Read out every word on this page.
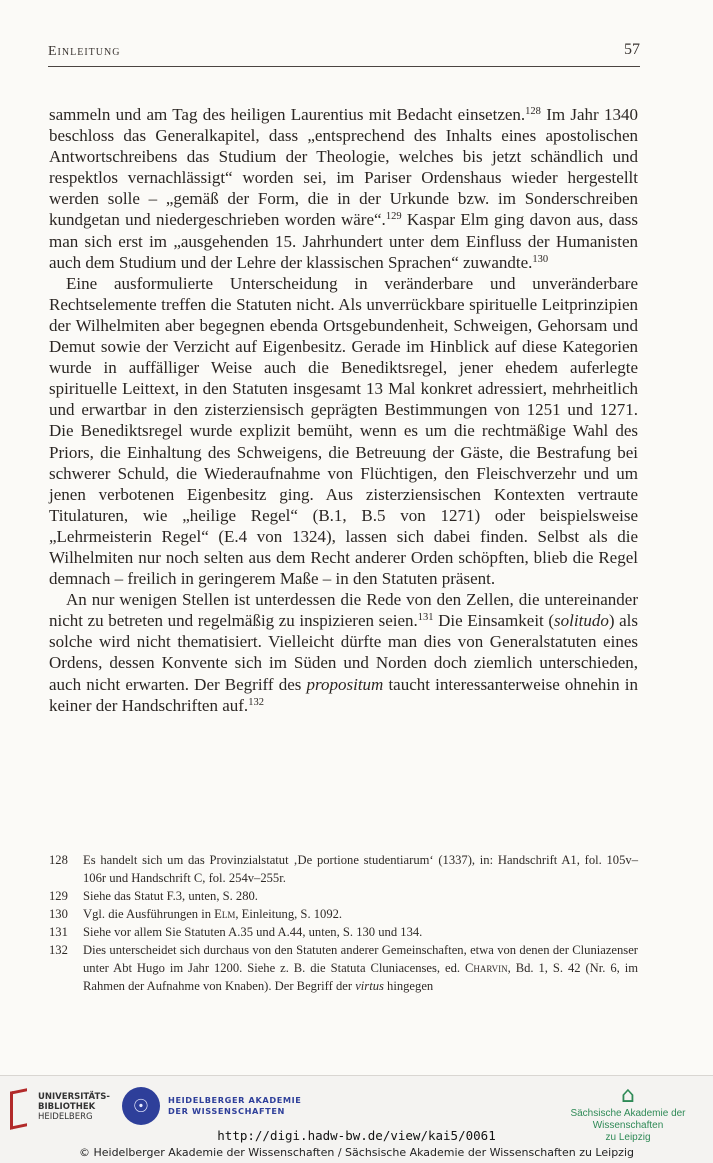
Einleitung	57

sammeln und am Tag des heiligen Laurentius mit Bedacht einsetzen.$^{128}$ Im Jahr 1340 beschloss das Generalkapitel, dass „entsprechend des Inhalts eines apostolischen Antwortschreibens das Studium der Theologie, welches bis jetzt schändlich und respektlos vernachlässigt“ worden sei, im Pariser Ordenshaus wieder hergestellt werden solle – „gemäß der Form, die in der Urkunde bzw. im Sonderschreiben kundgetan und niedergeschrieben worden wäre“.$^{129}$ Kaspar Elm ging davon aus, dass man sich erst im „ausgehenden 15. Jahrhundert unter dem Einfluss der Humanisten auch dem Studium und der Lehre der klassischen Sprachen“ zuwandte.$^{130}$

Eine ausformulierte Unterscheidung in veränderbare und unveränderbare Rechtselemente treffen die Statuten nicht. Als unverrückbare spirituelle Leitprinzipien der Wilhelmiten aber begegnen ebenda Ortsgebundenheit, Schweigen, Gehorsam und Demut sowie der Verzicht auf Eigenbesitz. Gerade im Hinblick auf diese Kategorien wurde in auffälliger Weise auch die Benediktsregel, jener ehedem auferlegte spirituelle Leittext, in den Statuten insgesamt 13 Mal konkret adressiert, mehrheitlich und erwartbar in den zisterziensisch geprägten Bestimmungen von 1251 und 1271. Die Benediktsregel wurde explizit bemüht, wenn es um die rechtmäßige Wahl des Priors, die Einhaltung des Schweigens, die Betreuung der Gäste, die Bestrafung bei schwerer Schuld, die Wiederaufnahme von Flüchtigen, den Fleischverzehr und um jenen verbotenen Eigenbesitz ging. Aus zisterziensischen Kontexten vertraute Titulaturen, wie „heilige Regel“ (B.1, B.5 von 1271) oder beispielsweise „Lehrmeisterin Regel“ (E.4 von 1324), lassen sich dabei finden. Selbst als die Wilhelmiten nur noch selten aus dem Recht anderer Orden schöpften, blieb die Regel demnach – freilich in geringerem Maße – in den Statuten präsent.

An nur wenigen Stellen ist unterdessen die Rede von den Zellen, die untereinander nicht zu betreten und regelmäßig zu inspizieren seien.$^{131}$ Die Einsamkeit (solitudo) als solche wird nicht thematisiert. Vielleicht dürfte man dies von Generalstatuten eines Ordens, dessen Konvente sich im Süden und Norden doch ziemlich unterschieden, auch nicht erwarten. Der Begriff des propositum taucht interessanterweise ohnehin in keiner der Handschriften auf.$^{132}$

128	Es handelt sich um das Provinzialstatut ‚De portione studentiarum‘ (1337), in: Handschrift A1, fol. 105v–106r und Handschrift C, fol. 254v–255r.
129	Siehe das Statut F.3, unten, S. 280.
130	Vgl. die Ausführungen in Elm, Einleitung, S. 1092.
131	Siehe vor allem Sie Statuten A.35 und A.44, unten, S. 130 und 134.
132	Dies unterscheidet sich durchaus von den Statuten anderer Gemeinschaften, etwa von denen der Cluniazenser unter Abt Hugo im Jahr 1200. Siehe z. B. die Statuta Cluniacenses, ed. Charvin, Bd. 1, S. 42 (Nr. 6, im Rahmen der Aufnahme von Knaben). Der Begriff der virtus hingegen
UNIVERSITÄTS-
BIBLIOTHEK
HEIDELBERG
☉	HEIDELBERGER AKADEMIE
DER WISSENSCHAFTEN
⌂
Sächsische Akademie der Wissenschaften
zu Leipzig
http://digi.hadw-bw.de/view/kai5/0061
© Heidelberger Akademie der Wissenschaften / Sächsische Akademie der Wissenschaften zu Leipzig
